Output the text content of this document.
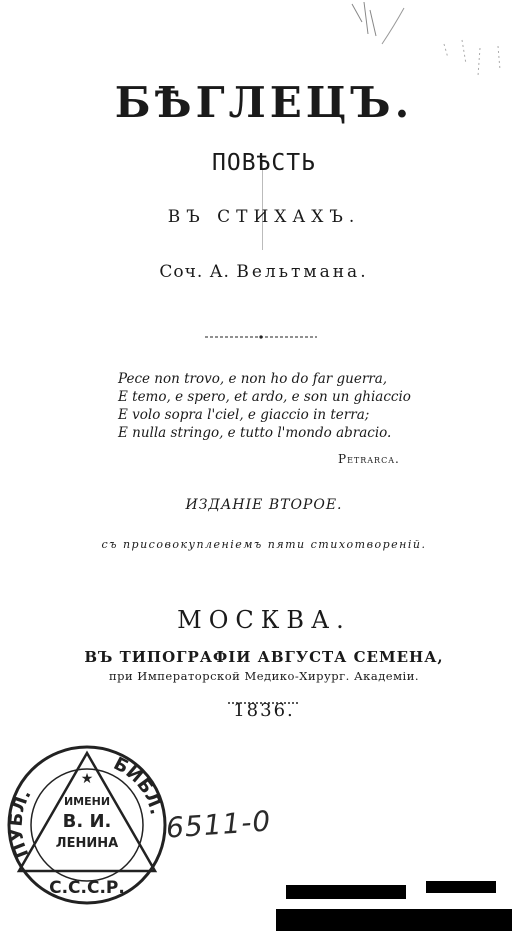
БѢГЛЕЦЪ.
ПОВѢСТЬ
ВЪ СТИХАХЪ.
Соч. А. Вельтмана.
Pece non trovo, e non ho do far guerra,
E temo, e spero, et ardo, e son un ghiaccio
E volo sopra l'ciel, e giaccio in terra;
E nulla stringo, e tutto l'mondo abracio.
Petrarca.
ИЗДАНІЕ ВТОРОЕ.
съ присовокупленіемъ пяти стихотвореній.
МОСКВА.
ВЪ ТИПОГРАФІИ АВГУСТА СЕМЕНА,
при Императорской Медико-Хирург. Академіи.
1836.
ПУБЛ.
БИБЛ.
★
ИМЕНИ
В. И.
ЛЕНИНА
С.С.С.Р.
6511-0
